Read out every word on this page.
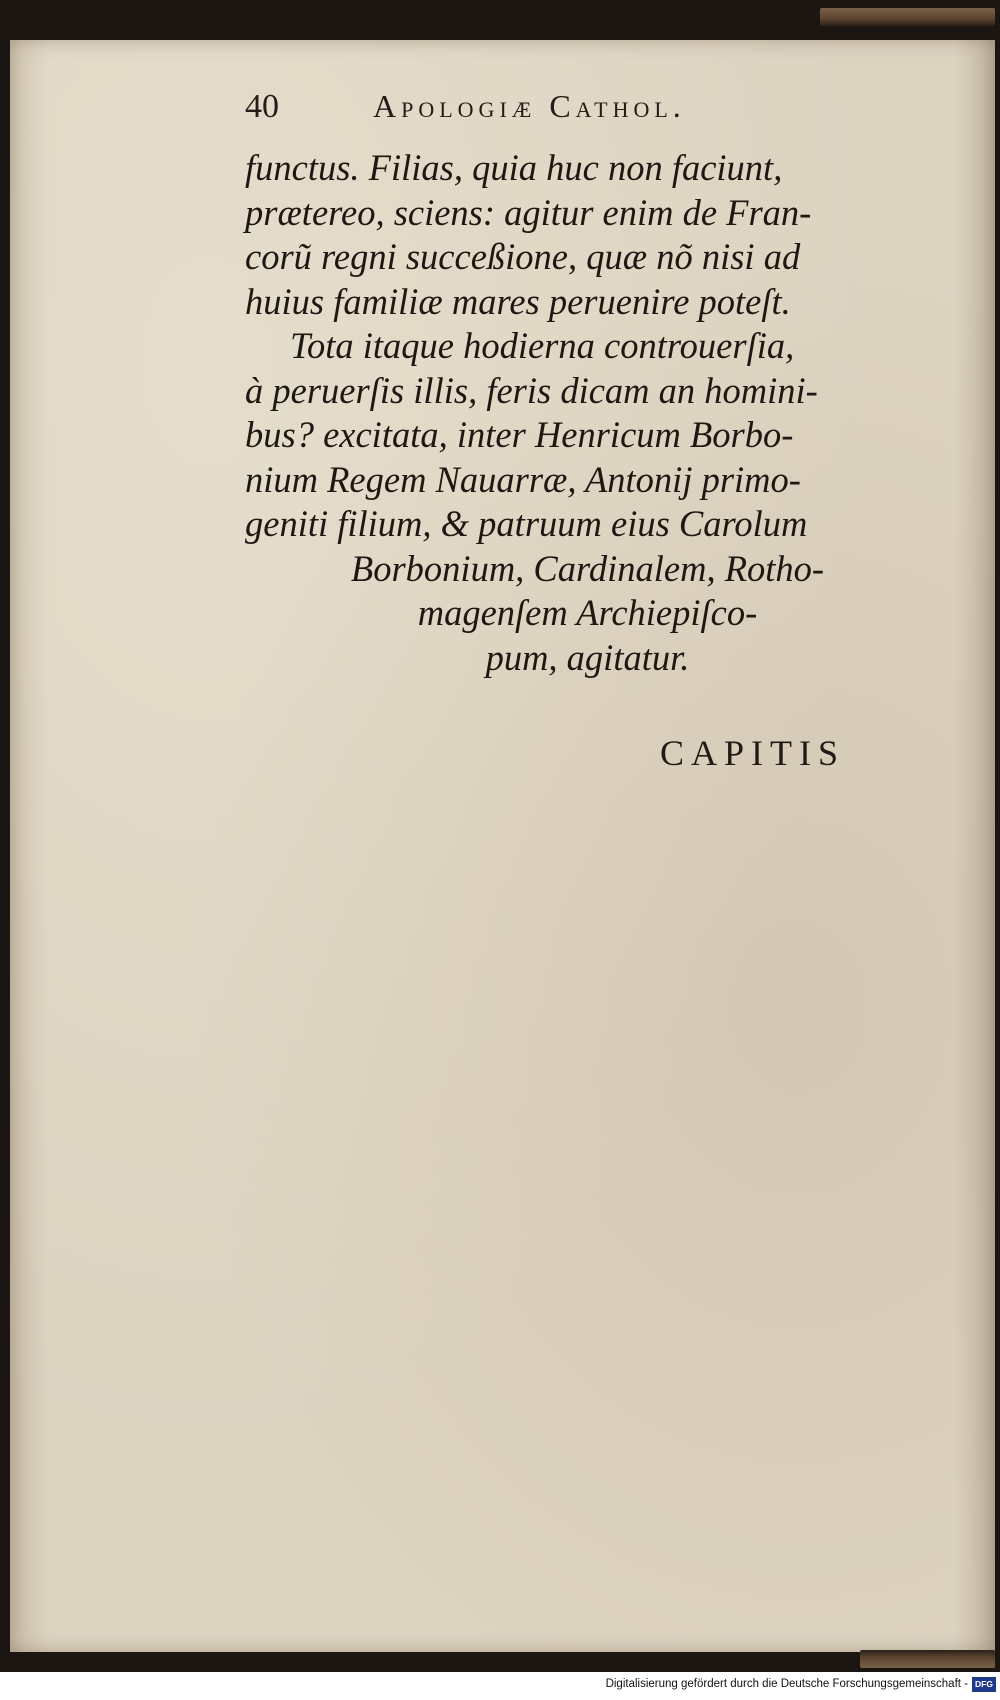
40	Apologiæ Cathol.
functus. Filias, quia huc non faciunt,
prætereo, sciens: agitur enim de Fran-
corũ regni succeßione, quæ nõ nisi ad
huius familiæ mares peruenire poteſt.
Tota itaque hodierna controuerſia,
à peruerſis illis, feris dicam an homini-
bus? excitata, inter Henricum Borbo-
nium Regem Nauarræ, Antonij primo-
geniti filium, & patruum eius Carolum
Borbonium, Cardinalem, Rotho-
magenſem Archiepiſco-
pum, agitatur.
CAPITIS
Digitalisierung gefördert durch die Deutsche Forschungsgemeinschaft - DFG
